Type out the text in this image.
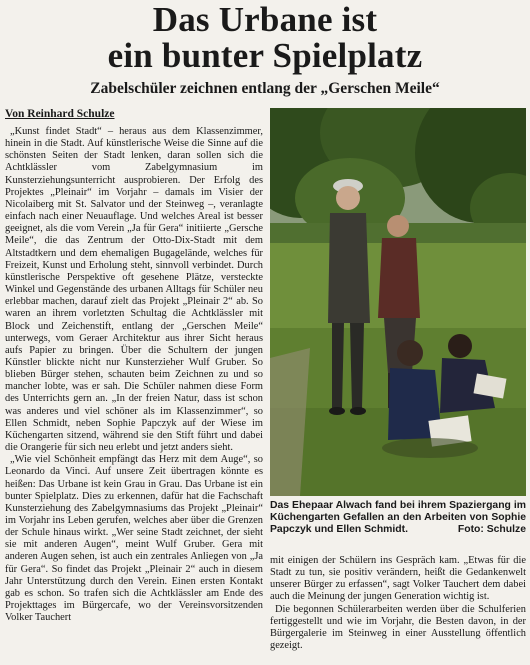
Das Urbane ist
ein bunter Spielplatz
Zabelschüler zeichnen entlang der „Gerschen Meile“
Von Reinhard Schulze

„Kunst findet Stadt“ – heraus aus dem Klassenzimmer, hinein in die Stadt. Auf künstlerische Weise die Sinne auf die schönsten Seiten der Stadt lenken, daran sollen sich die Achtklässler vom Zabelgymnasium im Kunsterziehungsunterricht ausprobieren. Der Erfolg des Projektes „Pleinair“ im Vorjahr – damals im Visier der Nicolaiberg mit St. Salvator und der Steinweg –, veranlagte einfach nach einer Neuauflage. Und welches Areal ist besser geeignet, als die vom Verein „Ja für Gera“ initiierte „Gersche Meile“, die das Zentrum der Otto-Dix-Stadt mit dem Altstadtkern und dem ehemaligen Bugagelände, welches für Freizeit, Kunst und Erholung steht, sinnvoll verbindet. Durch künstlerische Perspektive oft gesehene Plätze, versteckte Winkel und Gegenstände des urbanen Alltags für Schüler neu erlebbar machen, darauf zielt das Projekt „Pleinair 2“ ab. So waren an ihrem vorletzten Schultag die Achtklässler mit Block und Zeichenstift, entlang der „Gerschen Meile“ unterwegs, vom Geraer Architektur aus ihrer Sicht heraus aufs Papier zu bringen. Über die Schultern der jungen Künstler blickte nicht nur Kunsterzieher Wulf Gruber. So blieben Bürger stehen, schauten beim Zeichnen zu und so mancher lobte, was er sah. Die Schüler nahmen diese Form des Unterrichts gern an. „In der freien Natur, dass ist schon was anderes und viel schöner als im Klassenzimmer“, so Ellen Schmidt, neben Sophie Papczyk auf der Wiese im Küchengarten sitzend, während sie den Stift führt und dabei die Orangerie für sich neu erlebt und jetzt anders sieht.

„Wie viel Schönheit empfängt das Herz mit dem Auge“, so Leonardo da Vinci. Auf unsere Zeit übertragen könnte es heißen: Das Urbane ist kein Grau in Grau. Das Urbane ist ein bunter Spielplatz. Dies zu erkennen, dafür hat die Fachschaft Kunsterziehung des Zabelgymnasiums das Projekt „Pleinair“ im Vorjahr ins Leben gerufen, welches aber über die Grenzen der Schule hinaus wirkt. „Wer seine Stadt zeichnet, der sieht sie mit anderen Augen“, meint Wulf Gruber. Gera mit anderen Augen sehen, ist auch ein zentrales Anliegen von „Ja für Gera“. So findet das Projekt „Pleinair 2“ auch in diesem Jahr Unterstützung durch den Verein. Einen ersten Kontakt gab es schon. So trafen sich die Achtklässler am Ende des Projekttages im Bürgercafe, wo der Vereinsvorsitzenden Volker Tauchert

Das Ehepaar Alwach fand bei ihrem Spaziergang im Küchengarten Gefallen an den Arbeiten von Sophie Papczyk und Ellen Schmidt.	Foto: Schulze

mit einigen der Schülern ins Gespräch kam. „Etwas für die Stadt zu tun, sie positiv verändern, heißt die Gedankenwelt unserer Bürger zu erfassen“, sagt Volker Tauchert dem dabei auch die Meinung der jungen Generation wichtig ist.

Die begonnen Schülerarbeiten werden über die Schulferien fertiggestellt und wie im Vorjahr, die Besten davon, in der Bürgergalerie im Steinweg in einer Ausstellung öffentlich gezeigt.
